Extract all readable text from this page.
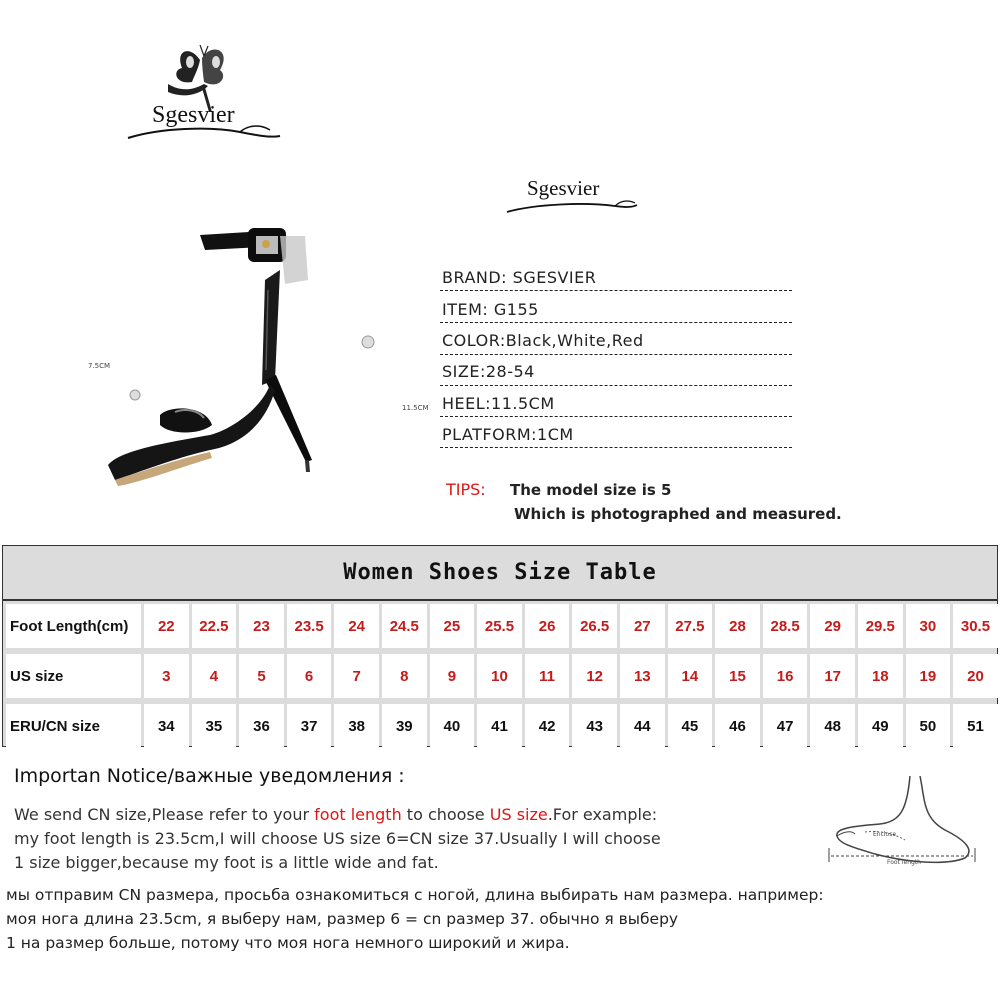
Sgesvier
Sgesvier
7.5CM
11.5CM
BRAND: SGESVIER
ITEM: G155
COLOR:Black,White,Red
SIZE:28-54
HEEL:11.5CM
PLATFORM:1CM
TIPS: The model size is 5
Which is photographed and measured.
Women Shoes Size Table
Foot Length(cm)	22	22.5	23	23.5	24	24.5	25	25.5	26	26.5	27	27.5	28	28.5	29	29.5	30	30.5
US size	3	4	5	6	7	8	9	10	11	12	13	14	15	16	17	18	19	20
ERU/CN size	34	35	36	37	38	39	40	41	42	43	44	45	46	47	48	49	50	51
Importan Notice/важные уведомления :
We send CN size,Please refer to your foot length to choose US size.For example:
my foot length is 23.5cm,I will choose US size 6=CN size 37.Usually I will choose
1 size bigger,because my foot is a little wide and fat.
мы отправим CN размера, просьба ознакомиться с ногой, длина выбирать нам размера. например:
моя нога длина 23.5cm, я выберу нам, размер 6 = cn размер 37. обычно я выберу
1 на размер больше, потому что моя нога немного широкий и жира.
Enclose
Foot length
